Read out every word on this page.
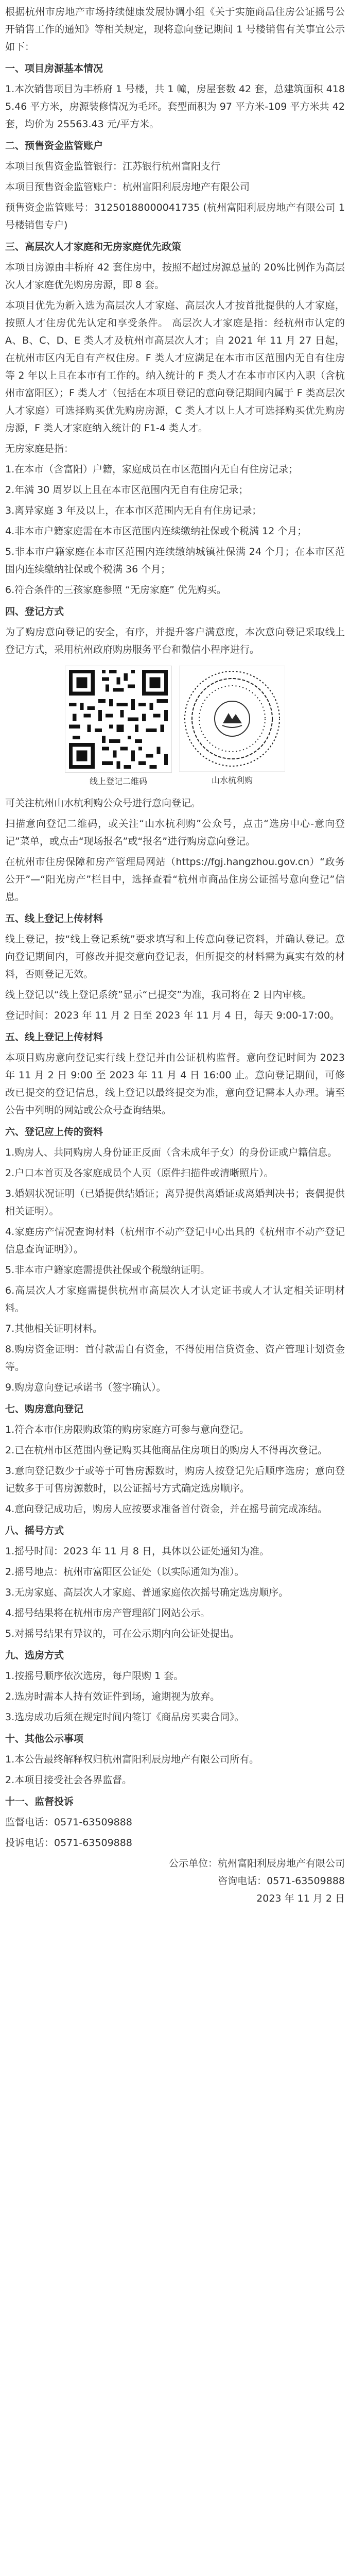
根据杭州市房地产市场持续健康发展协调小组《关于实施商品住房公证摇号公开销售工作的通知》等相关规定，现将意向登记期间 1 号楼销售有关事宜公示如下：

一、项目房源基本情况

1.本次销售项目为丰桥府 1 号楼，共 1 幢，房屋套数 42 套，总建筑面积 4185.46 平方米，房源装修情况为毛坯。套型面积为 97 平方米-109 平方米共 42 套，均价为 25563.43 元/平方米。

二、预售资金监管账户

本项目预售资金监管银行：江苏银行杭州富阳支行

本项目预售资金监管账户：杭州富阳利辰房地产有限公司

预售资金监管账号：31250188000041735 (杭州富阳利辰房地产有限公司 1 号楼销售专户)

三、高层次人才家庭和无房家庭优先政策

本项目房源由丰桥府 42 套住房中，按照不超过房源总量的 20%比例作为高层次人才家庭优先购房房源，即 8 套。

本项目优先为新入选为高层次人才家庭、高层次人才按首批提供的人才家庭，按照人才住房优先认定和享受条件。 高层次人才家庭是指：经杭州市认定的 A、B、C、D、E 类人才及杭州市高层次人才；自 2021 年 11 月 27 日起，在杭州市区内无自有产权住房。F 类人才应满足在本市市区范围内无自有住房等 2 年以上且在本市有工作的。纳入统计的 F 类人才在本市市区内入职（含杭州市富阳区）；F 类人才（包括在本项目登记的意向登记期间内属于 F 类高层次人才家庭）可选择购买优先购房房源，C 类人才以上人才可选择购买优先购房房源，F 类人才家庭纳入统计的 F1-4 类人才。

无房家庭是指：

1.在本市（含富阳）户籍，家庭成员在市区范围内无自有住房记录；

2.年满 30 周岁以上且在本市区范围内无自有住房记录；

3.离异家庭 3 年及以上，在本市区范围内无自有住房记录；

4.非本市户籍家庭需在本市区范围内连续缴纳社保或个税满 12 个月；

5.非本市户籍家庭在本市区范围内连续缴纳城镇社保满 24 个月；在本市区范围内连续缴纳社保或个税满 36 个月；

6.符合条件的三孩家庭参照 “无房家庭” 优先购买。

四、登记方式

为了购房意向登记的安全，有序，并提升客户满意度，本次意向登记采取线上登记方式，采用杭州政府购房服务平台和微信小程序进行。

线上登记二维码	山水杭利购

可关注杭州山水杭利购公众号进行意向登记。

扫描意向登记二维码，或关注“山水杭利购”公众号，点击“选房中心-意向登记”菜单，或点击“现场报名”或“报名”进行购房意向登记。

在杭州市住房保障和房产管理局网站（https://fgj.hangzhou.gov.cn）“政务公开”—“阳光房产”栏目中，选择查看“杭州市商品住房公证摇号意向登记”信息。

五、线上登记上传材料

线上登记，按“线上登记系统”要求填写和上传意向登记资料，并确认登记。意向登记期间内，可修改并提交意向登记表，但所提交的材料需为真实有效的材料，否则登记无效。

线上登记以“线上登记系统”显示“已提交”为准，我司将在 2 日内审核。

登记时间：2023 年 11 月 2 日至 2023 年 11 月 4 日，每天 9:00-17:00。

五、线上登记上传材料

本项目购房意向登记实行线上登记并由公证机构监督。意向登记时间为 2023 年 11 月 2 日 9:00 至 2023 年 11 月 4 日 16:00 止。意向登记期间，可修改已提交的登记信息，线上登记以最终提交为准，意向登记需本人办理。请至公告中列明的网站或公众号查询结果。

六、登记应上传的资料

1.购房人、共同购房人身份证正反面（含未成年子女）的身份证或户籍信息。

2.户口本首页及各家庭成员个人页（原件扫描件或清晰照片）。

3.婚姻状况证明（已婚提供结婚证；离异提供离婚证或离婚判决书；丧偶提供相关证明）。

4.家庭房产情况查询材料（杭州市不动产登记中心出具的《杭州市不动产登记信息查询证明》）。

5.非本市户籍家庭需提供社保或个税缴纳证明。

6.高层次人才家庭需提供杭州市高层次人才认定证书或人才认定相关证明材料。

7.其他相关证明材料。

8.购房资金证明：首付款需自有资金，不得使用信贷资金、资产管理计划资金等。

9.购房意向登记承诺书（签字确认）。

七、购房意向登记

1.符合本市住房限购政策的购房家庭方可参与意向登记。

2.已在杭州市区范围内登记购买其他商品住房项目的购房人不得再次登记。

3.意向登记数少于或等于可售房源数时，购房人按登记先后顺序选房；意向登记数多于可售房源数时，以公证摇号方式确定选房顺序。

4.意向登记成功后，购房人应按要求准备首付资金，并在摇号前完成冻结。

八、摇号方式

1.摇号时间：2023 年 11 月 8 日，具体以公证处通知为准。

2.摇号地点：杭州市富阳区公证处（以实际通知为准）。

3.无房家庭、高层次人才家庭、普通家庭依次摇号确定选房顺序。

4.摇号结果将在杭州市房产管理部门网站公示。

5.对摇号结果有异议的，可在公示期内向公证处提出。

九、选房方式

1.按摇号顺序依次选房，每户限购 1 套。

2.选房时需本人持有效证件到场，逾期视为放弃。

3.选房成功后须在规定时间内签订《商品房买卖合同》。

十、其他公示事项

1.本公告最终解释权归杭州富阳利辰房地产有限公司所有。

2.本项目接受社会各界监督。

十一、监督投诉

监督电话：0571-63509888

投诉电话：0571-63509888

公示单位：杭州富阳利辰房地产有限公司

咨询电话：0571-63509888

2023 年 11 月 2 日
